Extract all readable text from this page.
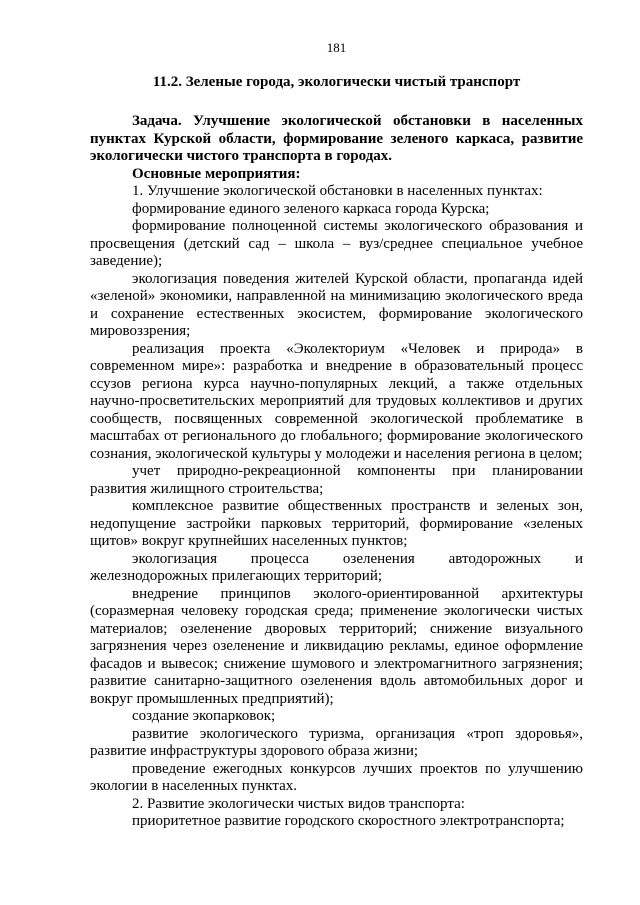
181
11.2. Зеленые города, экологически чистый транспорт

Задача. Улучшение экологической обстановки в населенных пунктах Курской области, формирование зеленого каркаса, развитие экологически чистого транспорта в городах.

Основные мероприятия:

1. Улучшение экологической обстановки в населенных пунктах:

формирование единого зеленого каркаса города Курска;

формирование полноценной системы экологического образования и просвещения (детский сад – школа – вуз/среднее специальное учебное заведение);

экологизация поведения жителей Курской области, пропаганда идей «зеленой» экономики, направленной на минимизацию экологического вреда и сохранение естественных экосистем, формирование экологического мировоззрения;

реализация проекта «Эколекториум «Человек и природа» в современном мире»: разработка и внедрение в образовательный процесс ссузов региона курса научно-популярных лекций, а также отдельных научно-просветительских мероприятий для трудовых коллективов и других сообществ, посвященных современной экологической проблематике в масштабах от регионального до глобального; формирование экологического сознания, экологической культуры у молодежи и населения региона в целом;

учет природно-рекреационной компоненты при планировании развития жилищного строительства;

комплексное развитие общественных пространств и зеленых зон, недопущение застройки парковых территорий, формирование «зеленых щитов» вокруг крупнейших населенных пунктов;

экологизация процесса озеленения автодорожных и железнодорожных прилегающих территорий;

внедрение принципов эколого-ориентированной архитектуры (соразмерная человеку городская среда; применение экологически чистых материалов; озеленение дворовых территорий; снижение визуального загрязнения через озеленение и ликвидацию рекламы, единое оформление фасадов и вывесок; снижение шумового и электромагнитного загрязнения; развитие санитарно-защитного озеленения вдоль автомобильных дорог и вокруг промышленных предприятий);

создание экопарковок;

развитие экологического туризма, организация «троп здоровья», развитие инфраструктуры здорового образа жизни;

проведение ежегодных конкурсов лучших проектов по улучшению экологии в населенных пунктах.

2. Развитие экологически чистых видов транспорта:

приоритетное развитие городского скоростного электротранспорта;
